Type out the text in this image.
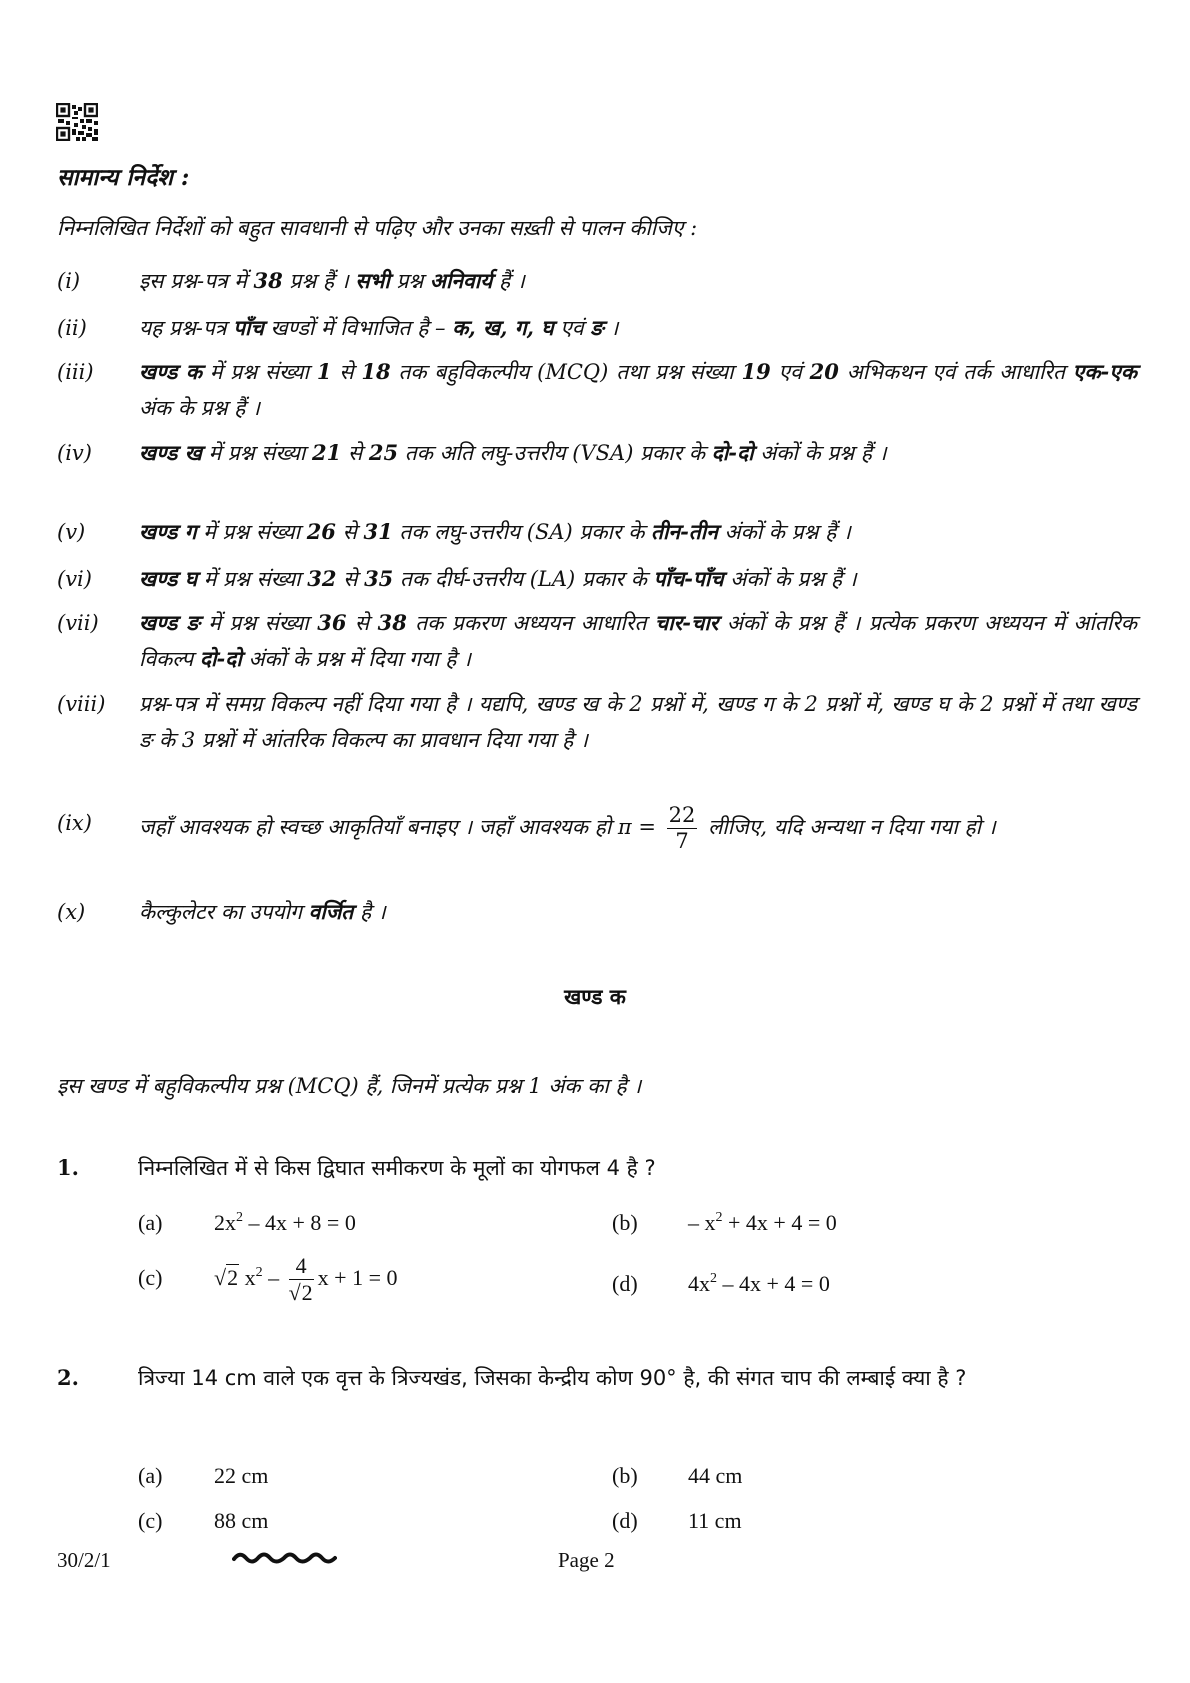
सामान्य निर्देश :
निम्नलिखित निर्देशों को बहुत सावधानी से पढ़िए और उनका सख़्ती से पालन कीजिए :
(i)	इस प्रश्न-पत्र में 38 प्रश्न हैं । सभी प्रश्न अनिवार्य हैं ।
(ii) यह प्रश्न-पत्र पाँच खण्डों में विभाजित है – क, ख, ग, घ एवं ङ ।
(iii) खण्ड क में प्रश्न संख्या 1 से 18 तक बहुविकल्पीय (MCQ) तथा प्रश्न संख्या 19 एवं 20 अभिकथन एवं तर्क आधारित एक-एक अंक के प्रश्न हैं ।
(iv) खण्ड ख में प्रश्न संख्या 21 से 25 तक अति लघु-उत्तरीय (VSA) प्रकार के दो-दो अंकों के प्रश्न हैं ।
(v)	खण्ड ग में प्रश्न संख्या 26 से 31 तक लघु-उत्तरीय (SA) प्रकार के तीन-तीन अंकों के प्रश्न हैं ।
(vi) खण्ड घ में प्रश्न संख्या 32 से 35 तक दीर्घ-उत्तरीय (LA) प्रकार के पाँच-पाँच अंकों के प्रश्न हैं ।
(vii) खण्ड ङ में प्रश्न संख्या 36 से 38 तक प्रकरण अध्ययन आधारित चार-चार अंकों के प्रश्न हैं । प्रत्येक प्रकरण अध्ययन में आंतरिक विकल्प दो-दो अंकों के प्रश्न में दिया गया है ।
(viii) प्रश्न-पत्र में समग्र विकल्प नहीं दिया गया है । यद्यपि, खण्ड ख के 2 प्रश्नों में, खण्ड ग के 2 प्रश्नों में, खण्ड घ के 2 प्रश्नों में तथा खण्ड ङ के 3 प्रश्नों में आंतरिक विकल्प का प्रावधान दिया गया है ।
(ix) जहाँ आवश्यक हो स्वच्छ आकृतियाँ बनाइए । जहाँ आवश्यक हो $\pi = \frac{22}{7}$ लीजिए, यदि अन्यथा न दिया गया हो ।
(x)	कैल्कुलेटर का उपयोग वर्जित है ।
खण्ड क
इस खण्ड में बहुविकल्पीय प्रश्न (MCQ) हैं, जिनमें प्रत्येक प्रश्न 1 अंक का है ।
1.	निम्नलिखित में से किस द्विघात समीकरण के मूलों का योगफल 4 है ?
(a) $2x^2 - 4x + 8 = 0$	$(b) - x^2 + 4x + 4 = 0$
(c) √2 $x^2 - \frac{4}{√2}$ x + 1 = 0	(d) $4x^2 - 4x + 4 = 0$
2.	त्रिज्या 14 cm वाले एक वृत्त के त्रिज्यखंड, जिसका केन्द्रीय कोण 90° है, की संगत चाप की लम्बाई क्या है ?
(a) 22 cm	(b) 44 cm
(c) 88 cm	(d) 11 cm
30/2/1	Page 2
